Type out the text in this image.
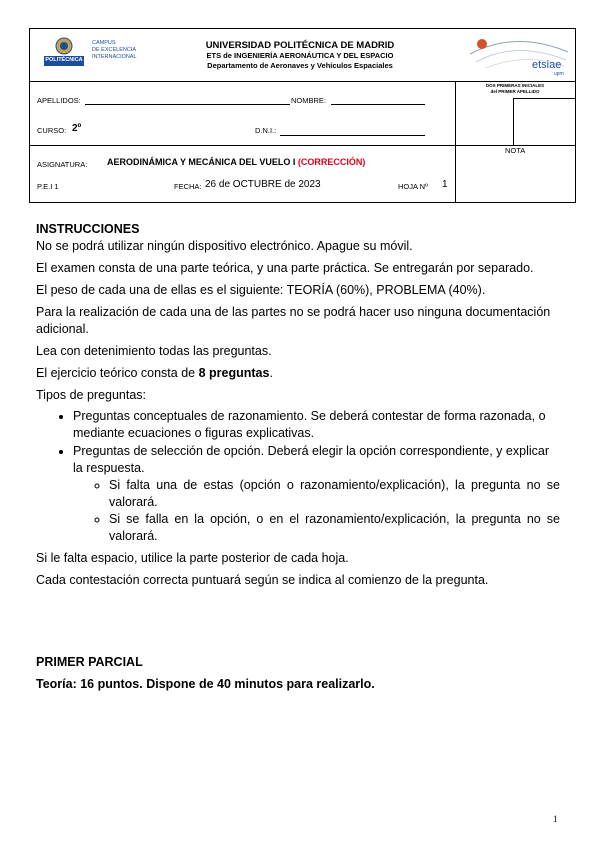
POLITÉCNICA
CAMPUS
DE EXCELENCIA
INTERNACIONAL
UNIVERSIDAD POLITÉCNICA DE MADRID
ETS de INGENIERÍA AERONÁUTICA Y DEL ESPACIO
Departamento de Aeronaves y Vehículos Espaciales	etsiae
upm
APELLIDOS:	NOMBRE:
DOS PRIMERAS INICIALES
del PRIMER APELLIDO
CURSO: 2º	D.N.I.:
ASIGNATURA: AERODINÁMICA Y MECÁNICA DEL VUELO I (CORRECCIÓN)
NOTA
P.E.I 1	FECHA: 26 de OCTUBRE de 2023	HOJA Nº 1

INSTRUCCIONES

No se podrá utilizar ningún dispositivo electrónico. Apague su móvil.

El examen consta de una parte teórica, y una parte práctica. Se entregarán por separado.

El peso de cada una de ellas es el siguiente: TEORÍA (60%), PROBLEMA (40%).

Para la realización de cada una de las partes no se podrá hacer uso ninguna documentación adicional.

Lea con detenimiento todas las preguntas.

El ejercicio teórico consta de 8 preguntas.

Tipos de preguntas:

• Preguntas conceptuales de razonamiento. Se deberá contestar de forma razonada, o mediante ecuaciones o figuras explicativas.
• Preguntas de selección de opción. Deberá elegir la opción correspondiente, y explicar la respuesta.
◦ Si falta una de estas (opción o razonamiento/explicación), la pregunta no se valorará.
◦ Si se falla en la opción, o en el razonamiento/explicación, la pregunta no se valorará.

Si le falta espacio, utilice la parte posterior de cada hoja.

Cada contestación correcta puntuará según se indica al comienzo de la pregunta.

PRIMER PARCIAL

Teoría: 16 puntos. Dispone de 40 minutos para realizarlo.

1
